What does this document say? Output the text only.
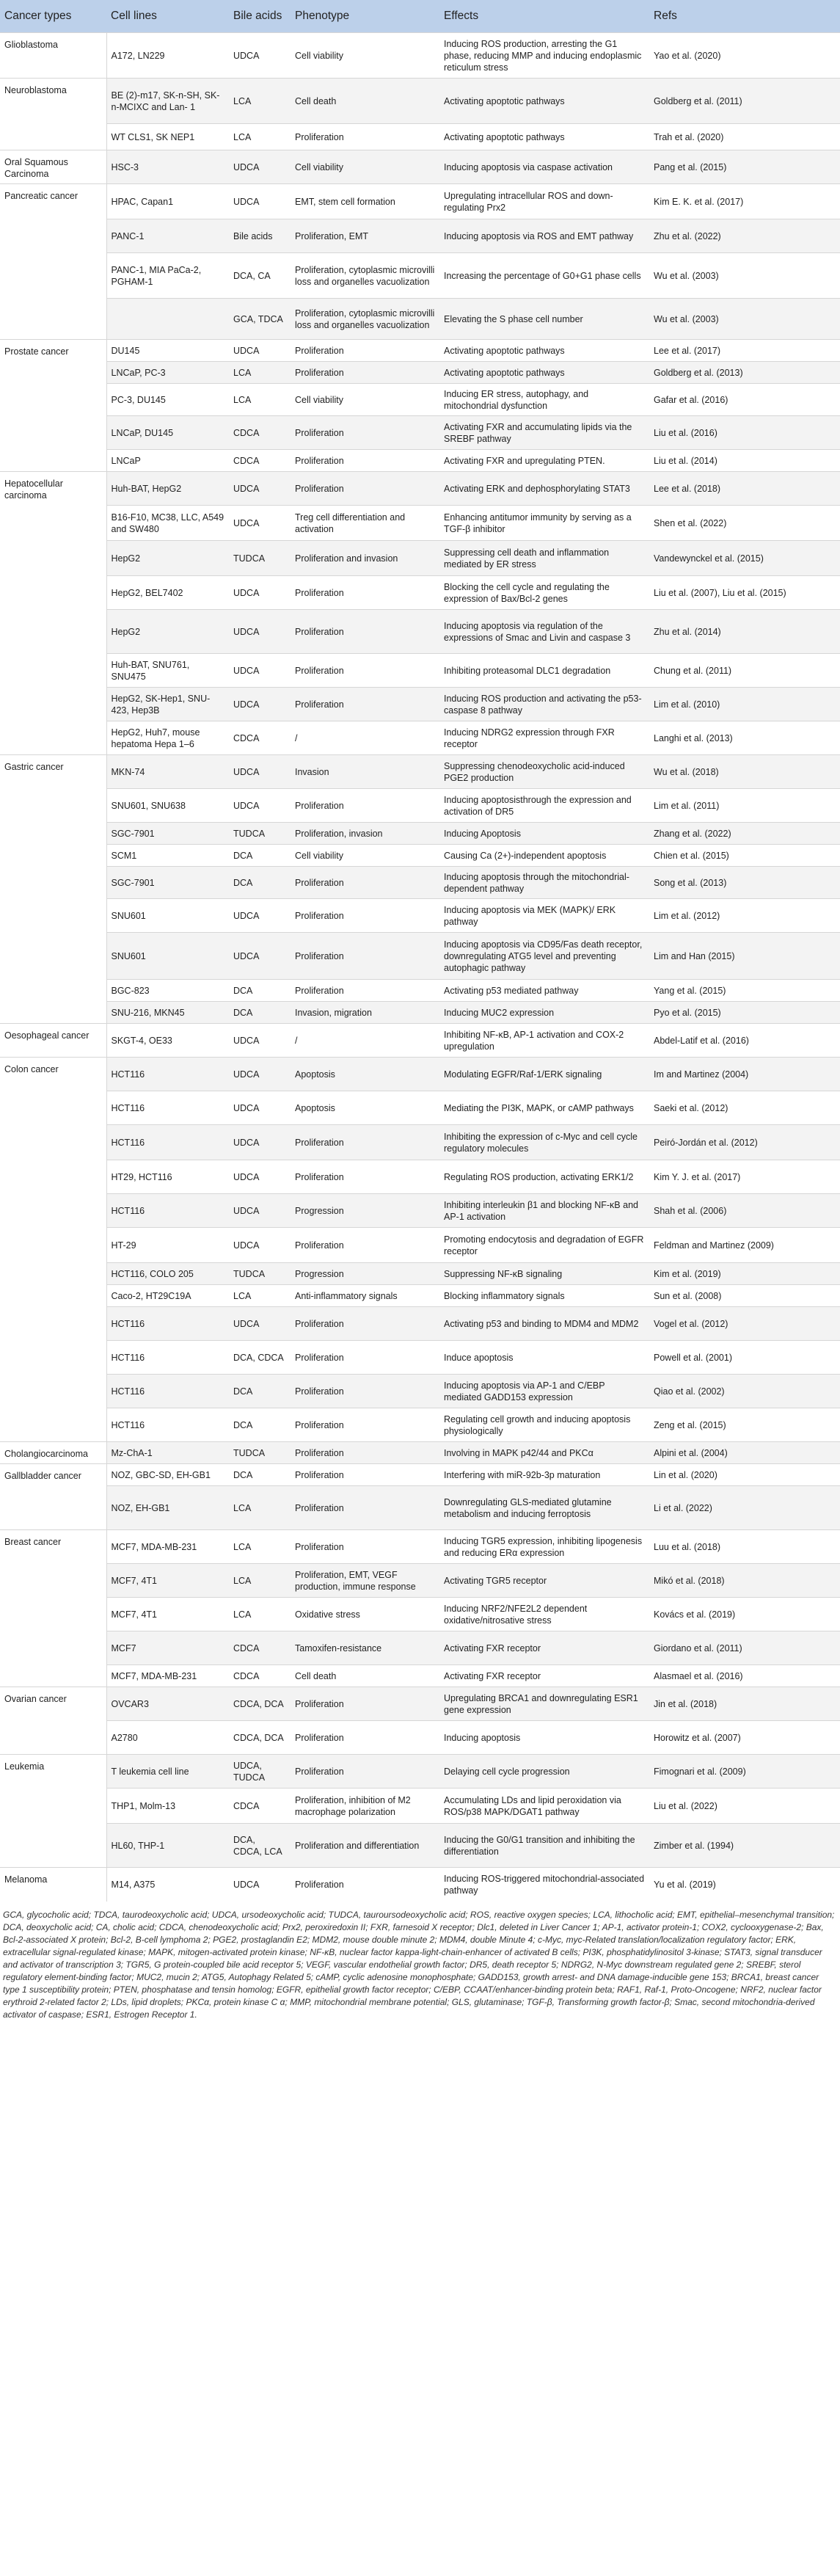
Cancer types	Cell lines	Bile acids	Phenotype	Effects	Refs
Glioblastoma	A172, LN229	UDCA	Cell viability	Inducing ROS production, arresting the G1 phase, reducing MMP and inducing endoplasmic reticulum stress	Yao et al. (2020)
Neuroblastoma	BE (2)-m17, SK-n-SH, SK-n-MCIXC and Lan- 1	LCA	Cell death	Activating apoptotic pathways	Goldberg et al. (2011)
	WT CLS1, SK NEP1	LCA	Proliferation	Activating apoptotic pathways	Trah et al. (2020)
Oral Squamous Carcinoma	HSC-3	UDCA	Cell viability	Inducing apoptosis via caspase activation	Pang et al. (2015)
Pancreatic cancer	HPAC, Capan1	UDCA	EMT, stem cell formation	Upregulating intracellular ROS and down-regulating Prx2	Kim E. K. et al. (2017)
	PANC-1	Bile acids	Proliferation, EMT	Inducing apoptosis via ROS and EMT pathway	Zhu et al. (2022)
	PANC-1, MIA PaCa-2, PGHAM-1	DCA, CA	Proliferation, cytoplasmic microvilli loss and organelles vacuolization	Increasing the percentage of G0+G1 phase cells	Wu et al. (2003)
		GCA, TDCA	Proliferation, cytoplasmic microvilli loss and organelles vacuolization	Elevating the S phase cell number	Wu et al. (2003)
Prostate cancer	DU145	UDCA	Proliferation	Activating apoptotic pathways	Lee et al. (2017)
	LNCaP, PC-3	LCA	Proliferation	Activating apoptotic pathways	Goldberg et al. (2013)
	PC-3, DU145	LCA	Cell viability	Inducing ER stress, autophagy, and mitochondrial dysfunction	Gafar et al. (2016)
	LNCaP, DU145	CDCA	Proliferation	Activating FXR and accumulating lipids via the SREBF pathway	Liu et al. (2016)
	LNCaP	CDCA	Proliferation	Activating FXR and upregulating PTEN.	Liu et al. (2014)
Hepatocellular carcinoma	Huh-BAT, HepG2	UDCA	Proliferation	Activating ERK and dephosphorylating STAT3	Lee et al. (2018)
	B16-F10, MC38, LLC, A549 and SW480	UDCA	Treg cell differentiation and activation	Enhancing antitumor immunity by serving as a TGF-β inhibitor	Shen et al. (2022)
	HepG2	TUDCA	Proliferation and invasion	Suppressing cell death and inflammation mediated by ER stress	Vandewynckel et al. (2015)
	HepG2, BEL7402	UDCA	Proliferation	Blocking the cell cycle and regulating the expression of Bax/Bcl-2 genes	Liu et al. (2007), Liu et al. (2015)
	HepG2	UDCA	Proliferation	Inducing apoptosis via regulation of the expressions of Smac and Livin and caspase 3	Zhu et al. (2014)
	Huh-BAT, SNU761, SNU475	UDCA	Proliferation	Inhibiting proteasomal DLC1 degradation	Chung et al. (2011)
	HepG2, SK-Hep1, SNU-423, Hep3B	UDCA	Proliferation	Inducing ROS production and activating the p53-caspase 8 pathway	Lim et al. (2010)
	HepG2, Huh7, mouse hepatoma Hepa 1–6	CDCA	/	Inducing NDRG2 expression through FXR receptor	Langhi et al. (2013)
Gastric cancer	MKN-74	UDCA	Invasion	Suppressing chenodeoxycholic acid-induced PGE2 production	Wu et al. (2018)
	SNU601, SNU638	UDCA	Proliferation	Inducing apoptosisthrough the expression and activation of DR5	Lim et al. (2011)
	SGC-7901	TUDCA	Proliferation, invasion	Inducing Apoptosis	Zhang et al. (2022)
	SCM1	DCA	Cell viability	Causing Ca (2+)-independent apoptosis	Chien et al. (2015)
	SGC-7901	DCA	Proliferation	Inducing apoptosis through the mitochondrial-dependent pathway	Song et al. (2013)
	SNU601	UDCA	Proliferation	Inducing apoptosis via MEK (MAPK)/ ERK pathway	Lim et al. (2012)
	SNU601	UDCA	Proliferation	Inducing apoptosis via CD95/Fas death receptor, downregulating ATG5 level and preventing autophagic pathway	Lim and Han (2015)
	BGC-823	DCA	Proliferation	Activating p53 mediated pathway	Yang et al. (2015)
	SNU-216, MKN45	DCA	Invasion, migration	Inducing MUC2 expression	Pyo et al. (2015)
Oesophageal cancer	SKGT-4, OE33	UDCA	/	Inhibiting NF-κB, AP-1 activation and COX-2 upregulation	Abdel-Latif et al. (2016)
Colon cancer	HCT116	UDCA	Apoptosis	Modulating EGFR/Raf-1/ERK signaling	Im and Martinez (2004)
	HCT116	UDCA	Apoptosis	Mediating the PI3K, MAPK, or cAMP pathways	Saeki et al. (2012)
	HCT116	UDCA	Proliferation	Inhibiting the expression of c-Myc and cell cycle regulatory molecules	Peiró-Jordán et al. (2012)
	HT29, HCT116	UDCA	Proliferation	Regulating ROS production, activating ERK1/2	Kim Y. J. et al. (2017)
	HCT116	UDCA	Progression	Inhibiting interleukin β1 and blocking NF-κB and AP-1 activation	Shah et al. (2006)
	HT-29	UDCA	Proliferation	Promoting endocytosis and degradation of EGFR receptor	Feldman and Martinez (2009)
	HCT116, COLO 205	TUDCA	Progression	Suppressing NF-κB signaling	Kim et al. (2019)
	Caco-2, HT29C19A	LCA	Anti-inflammatory signals	Blocking inflammatory signals	Sun et al. (2008)
	HCT116	UDCA	Proliferation	Activating p53 and binding to MDM4 and MDM2	Vogel et al. (2012)
	HCT116	DCA, CDCA	Proliferation	Induce apoptosis	Powell et al. (2001)
	HCT116	DCA	Proliferation	Inducing apoptosis via AP-1 and C/EBP mediated GADD153 expression	Qiao et al. (2002)
	HCT116	DCA	Proliferation	Regulating cell growth and inducing apoptosis physiologically	Zeng et al. (2015)
Cholangiocarcinoma	Mz-ChA-1	TUDCA	Proliferation	Involving in MAPK p42/44 and PKCα	Alpini et al. (2004)
Gallbladder cancer	NOZ, GBC-SD, EH-GB1	DCA	Proliferation	Interfering with miR-92b-3p maturation	Lin et al. (2020)
	NOZ, EH-GB1	LCA	Proliferation	Downregulating GLS-mediated glutamine metabolism and inducing ferroptosis	Li et al. (2022)
Breast cancer	MCF7, MDA-MB-231	LCA	Proliferation	Inducing TGR5 expression, inhibiting lipogenesis and reducing ERα expression	Luu et al. (2018)
	MCF7, 4T1	LCA	Proliferation, EMT, VEGF production, immune response	Activating TGR5 receptor	Mikó et al. (2018)
	MCF7, 4T1	LCA	Oxidative stress	Inducing NRF2/NFE2L2 dependent oxidative/nitrosative stress	Kovács et al. (2019)
	MCF7	CDCA	Tamoxifen-resistance	Activating FXR receptor	Giordano et al. (2011)
	MCF7, MDA-MB-231	CDCA	Cell death	Activating FXR receptor	Alasmael et al. (2016)
Ovarian cancer	OVCAR3	CDCA, DCA	Proliferation	Upregulating BRCA1 and downregulating ESR1 gene expression	Jin et al. (2018)
	A2780	CDCA, DCA	Proliferation	Inducing apoptosis	Horowitz et al. (2007)
Leukemia	T leukemia cell line	UDCA, TUDCA	Proliferation	Delaying cell cycle progression	Fimognari et al. (2009)
	THP1, Molm-13	CDCA	Proliferation, inhibition of M2 macrophage polarization	Accumulating LDs and lipid peroxidation via ROS/p38 MAPK/DGAT1 pathway	Liu et al. (2022)
	HL60, THP-1	DCA, CDCA, LCA	Proliferation and differentiation	Inducing the G0/G1 transition and inhibiting the differentiation	Zimber et al. (1994)
Melanoma	M14, A375	UDCA	Proliferation	Inducing ROS-triggered mitochondrial-associated pathway	Yu et al. (2019)
GCA, glycocholic acid; TDCA, taurodeoxycholic acid; UDCA, ursodeoxycholic acid; TUDCA, tauroursodeoxycholic acid; ROS, reactive oxygen species; LCA, lithocholic acid; EMT, epithelial–mesenchymal transition; DCA, deoxycholic acid; CA, cholic acid; CDCA, chenodeoxycholic acid; Prx2, peroxiredoxin II; FXR, farnesoid X receptor; Dlc1, deleted in Liver Cancer 1; AP-1, activator protein-1; COX2, cyclooxygenase-2; Bax, Bcl-2-associated X protein; Bcl-2, B-cell lymphoma 2; PGE2, prostaglandin E2; MDM2, mouse double minute 2; MDM4, double Minute 4; c-Myc, myc-Related translation/localization regulatory factor; ERK, extracellular signal-regulated kinase; MAPK, mitogen-activated protein kinase; NF-κB, nuclear factor kappa-light-chain-enhancer of activated B cells; PI3K, phosphatidylinositol 3-kinase; STAT3, signal transducer and activator of transcription 3; TGR5, G protein-coupled bile acid receptor 5; VEGF, vascular endothelial growth factor; DR5, death receptor 5; NDRG2, N-Myc downstream regulated gene 2; SREBF, sterol regulatory element-binding factor; MUC2, mucin 2; ATG5, Autophagy Related 5; cAMP, cyclic adenosine monophosphate; GADD153, growth arrest- and DNA damage-inducible gene 153; BRCA1, breast cancer type 1 susceptibility protein; PTEN, phosphatase and tensin homolog; EGFR, epithelial growth factor receptor; C/EBP, CCAAT/enhancer-binding protein beta; RAF1, Raf-1, Proto-Oncogene; NRF2, nuclear factor erythroid 2-related factor 2; LDs, lipid droplets; PKCα, protein kinase C α; MMP, mitochondrial membrane potential; GLS, glutaminase; TGF-β, Transforming growth factor-β; Smac, second mitochondria-derived activator of caspase; ESR1, Estrogen Receptor 1.
